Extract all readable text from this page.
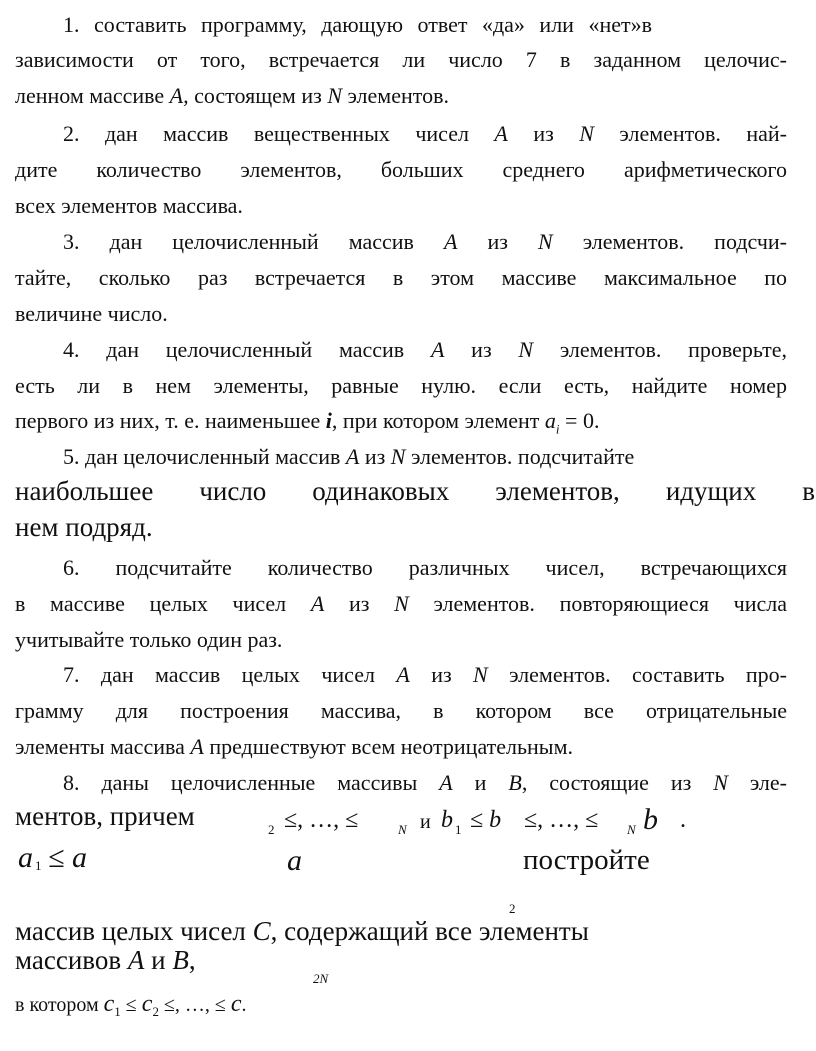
1. составить программу, дающую ответ «да» или «нет»в
зависимости от того, встречается ли число 7 в заданном целочис-
ленном массиве A, состоящем из N элементов.
2. дан массив вещественных чисел A из N элементов. най-
дите количество элементов, больших среднего арифметического
всех элементов массива.
3. дан целочисленный массив A из N элементов. подсчи-
тайте, сколько раз встречается в этом массиве максимальное по
величине число.
4. дан целочисленный массив A из N элементов. проверьте,
есть ли в нем элементы, равные нулю. если есть, найдите номер
первого из них, т. е. наименьшее i, при котором элемент $a_i = 0$.
5. дан целочисленный массив A из N элементов. подсчитайте
наибольшее число одинаковых элементов, идущих в
нем подряд.
6. подсчитайте количество различных чисел, встречающихся
в массиве целых чисел A из N элементов. повторяющиеся числа
учитывайте только один раз.
7. дан массив целых чисел A из N элементов. составить про-
грамму для построения массива, в котором все отрицательные
элементы массива A предшествуют всем неотрицательным.
8. даны целочисленные массивы A и B, состоящие из N эле-
ментов, причем	2 ≤, …, ≤	N и b 1 ≤ b ≤, …, ≤ N b .
a 1 ≤ a	a	постройте
2
массив целых чисел C, содержащий все элементы
массивов A и B,
в котором $c_1 \le c_2$ ≤, …, ≤ c.
2N
